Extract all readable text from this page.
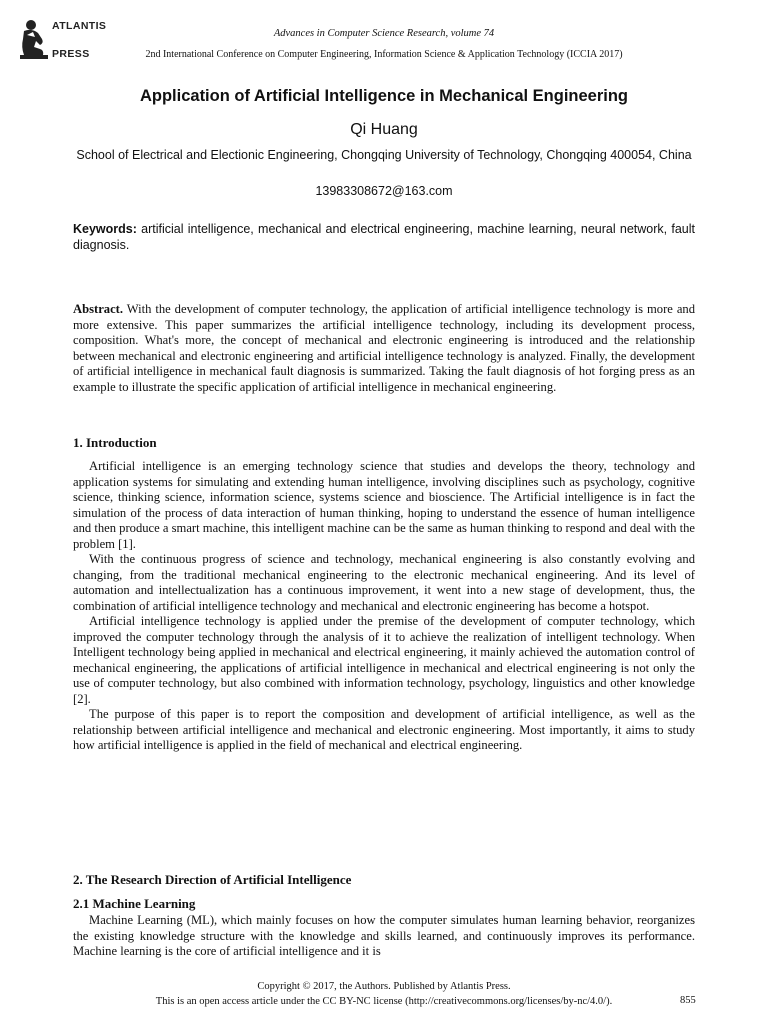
ATLANTIS
PRESS
Advances in Computer Science Research, volume 74
2nd International Conference on Computer Engineering, Information Science & Application Technology (ICCIA 2017)
Application of Artificial Intelligence in Mechanical Engineering
Qi Huang
School of Electrical and Electionic Engineering, Chongqing University of Technology, Chongqing 400054, China
13983308672@163.com
Keywords: artificial intelligence, mechanical and electrical engineering, machine learning, neural network, fault diagnosis.
Abstract. With the development of computer technology, the application of artificial intelligence technology is more and more extensive. This paper summarizes the artificial intelligence technology, including its development process, composition. What's more, the concept of mechanical and electronic engineering is introduced and the relationship between mechanical and electronic engineering and artificial intelligence technology is analyzed. Finally, the development of artificial intelligence in mechanical fault diagnosis is summarized. Taking the fault diagnosis of hot forging press as an example to illustrate the specific application of artificial intelligence in mechanical engineering.
1. Introduction

Artificial intelligence is an emerging technology science that studies and develops the theory, technology and application systems for simulating and extending human intelligence, involving disciplines such as psychology, cognitive science, thinking science, information science, systems science and bioscience. The Artificial intelligence is in fact the simulation of the process of data interaction of human thinking, hoping to understand the essence of human intelligence and then produce a smart machine, this intelligent machine can be the same as human thinking to respond and deal with the problem [1].

With the continuous progress of science and technology, mechanical engineering is also constantly evolving and changing, from the traditional mechanical engineering to the electronic mechanical engineering. And its level of automation and intellectualization has a continuous improvement, it went into a new stage of development, thus, the combination of artificial intelligence technology and mechanical and electronic engineering has become a hotspot.

Artificial intelligence technology is applied under the premise of the development of computer technology, which improved the computer technology through the analysis of it to achieve the realization of intelligent technology. When Intelligent technology being applied in mechanical and electrical engineering, it mainly achieved the automation control of mechanical engineering, the applications of artificial intelligence in mechanical and electrical engineering is not only the use of computer technology, but also combined with information technology, psychology, linguistics and other knowledge [2].

The purpose of this paper is to report the composition and development of artificial intelligence, as well as the relationship between artificial intelligence and mechanical and electronic engineering. Most importantly, it aims to study how artificial intelligence is applied in the field of mechanical and electrical engineering.

2. The Research Direction of Artificial Intelligence
2.1 Machine Learning

Machine Learning (ML), which mainly focuses on how the computer simulates human learning behavior, reorganizes the existing knowledge structure with the knowledge and skills learned, and continuously improves its performance. Machine learning is the core of artificial intelligence and it is

Copyright © 2017, the Authors. Published by Atlantis Press.
This is an open access article under the CC BY-NC license (http://creativecommons.org/licenses/by-nc/4.0/).	855
